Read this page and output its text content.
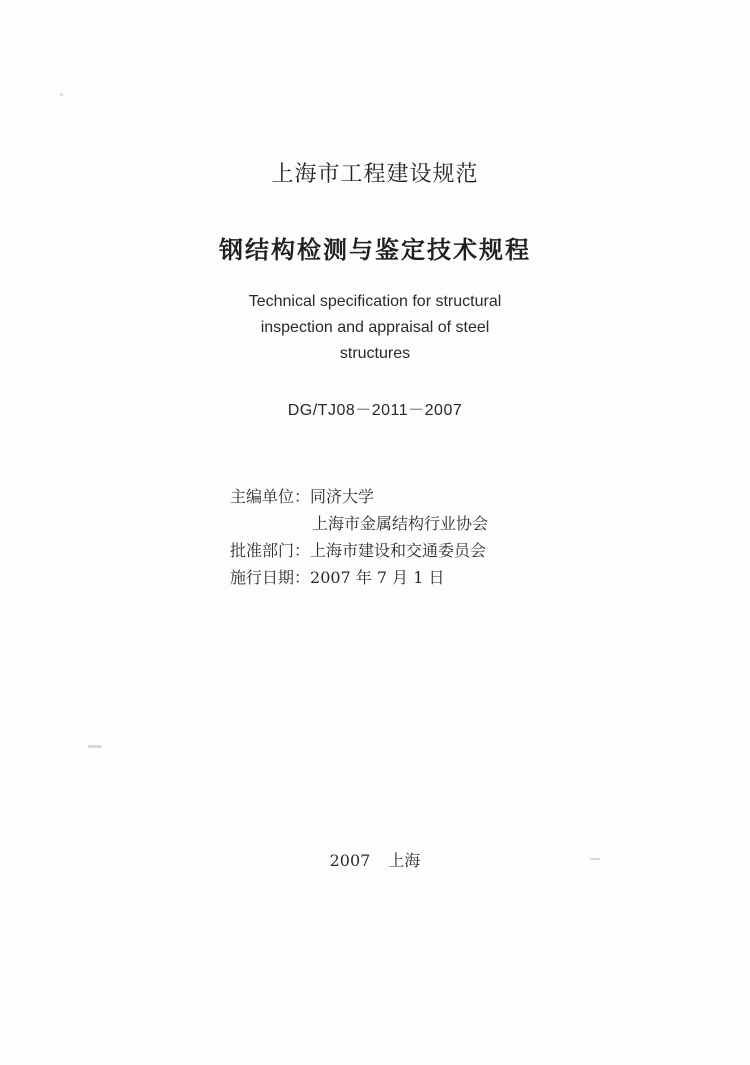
上海市工程建设规范
钢结构检测与鉴定技术规程
Technical specification for structural
inspection and appraisal of steel
structures
DG/TJ08－2011－2007
主编单位：同济大学
上海市金属结构行业协会
批准部门：上海市建设和交通委员会
施行日期：2007 年 7 月 1 日
2007 上海
